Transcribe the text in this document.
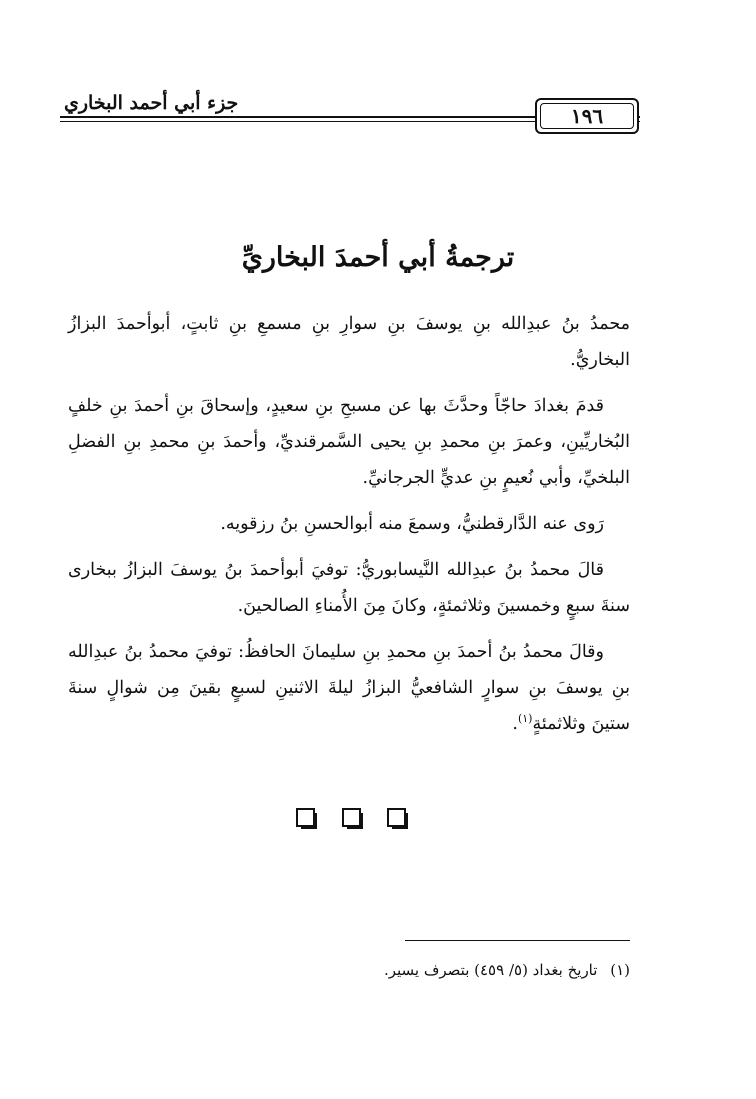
جزء أبي أحمد البخاري
١٩٦
ترجمةُ أبي أحمدَ البخاريِّ

محمدُ بنُ عبدِالله بنِ يوسفَ بنِ سوارِ بنِ مسمعِ بنِ ثابتٍ، أبوأحمدَ البزازُ البخاريُّ.

قدمَ بغدادَ حاجّاً وحدَّثَ بها عن مسبحِ بنِ سعيدٍ، وإسحاقَ بنِ أحمدَ بنِ خلفٍ البُخاريِّينِ، وعمرَ بنِ محمدِ بنِ يحيى السَّمرقنديِّ، وأحمدَ بنِ محمدِ بنِ الفضلِ البلخيِّ، وأبي نُعيمٍ بنِ عديٍّ الجرجانيِّ.

رَوى عنه الدَّارقطنيُّ، وسمعَ منه أبوالحسنِ بنُ رزقويه.

قالَ محمدُ بنُ عبدِالله النَّيسابوريُّ: توفيَ أبوأحمدَ بنُ يوسفَ البزازُ ببخارى سنةَ سبعٍ وخمسينَ وثلاثمئةٍ، وكانَ مِنَ الأُمناءِ الصالحينَ.

وقالَ محمدُ بنُ أحمدَ بنِ محمدِ بنِ سليمانَ الحافظُ: توفيَ محمدُ بنُ عبدِالله بنِ يوسفَ بنِ سوارٍ الشافعيُّ البزازُ ليلةَ الاثنينِ لسبعٍ بقينَ مِن شوالٍ سنةَ ستينَ وثلاثمئةٍ$^{(١)}$.

(١) تاريخ بغداد (٥/ ٤٥٩) بتصرف يسير.
